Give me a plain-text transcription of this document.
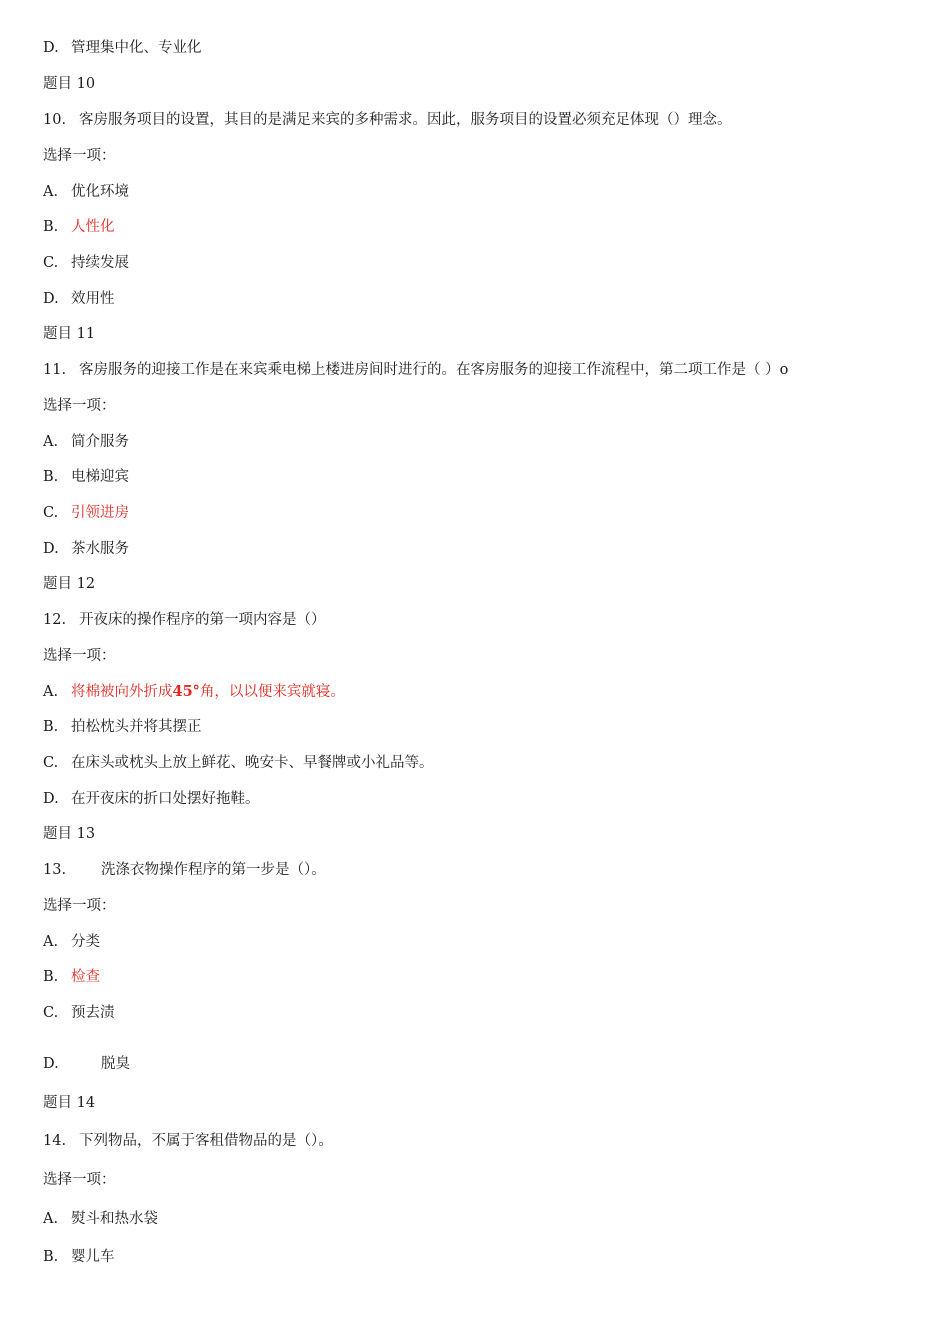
D. 管理集中化、专业化
题目 10
10. 客房服务项目的设置，其目的是满足来宾的多种需求。因此，服务项目的设置必须充足体现（）理念。
选择一项：
A. 优化环境
B. 人性化
C. 持续发展
D. 效用性
题目 11
11. 客房服务的迎接工作是在来宾乘电梯上楼进房间时进行的。在客房服务的迎接工作流程中，第二项工作是（ ）o
选择一项：
A. 简介服务
B. 电梯迎宾
C. 引领进房
D. 茶水服务
题目 12
12. 开夜床的操作程序的第一项内容是（）
选择一项：
A. 将棉被向外折成45°角，以以便来宾就寝。
B. 拍松枕头并将其摆正
C. 在床头或枕头上放上鲜花、晚安卡、早餐牌或小礼品等。
D. 在开夜床的折口处摆好拖鞋。
题目 13
13. 洗涤衣物操作程序的第一步是（）。
选择一项：
A. 分类
B. 检查
C. 预去渍
D.	脱臭
题目 14
14. 下列物品，不属于客租借物品的是（）。
选择一项：
A. 熨斗和热水袋
B. 婴儿车
